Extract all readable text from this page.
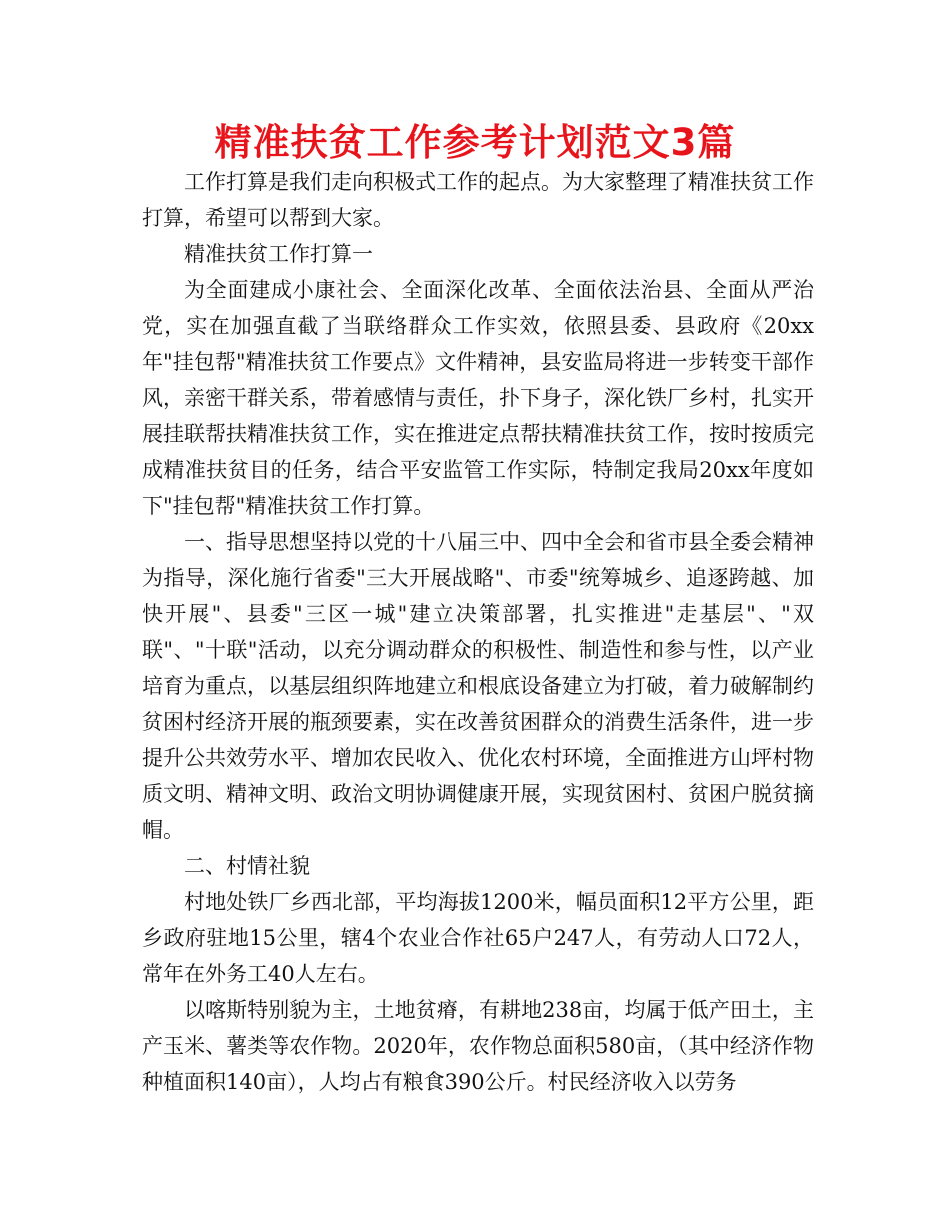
精准扶贫工作参考计划范文3篇

工作打算是我们走向积极式工作的起点。为大家整理了精准扶贫工作打算，希望可以帮到大家。

精准扶贫工作打算一

为全面建成小康社会、全面深化改革、全面依法治县、全面从严治党，实在加强直截了当联络群众工作实效，依照县委、县政府《20xx年"挂包帮"精准扶贫工作要点》文件精神，县安监局将进一步转变干部作风，亲密干群关系，带着感情与责任，扑下身子，深化铁厂乡村，扎实开展挂联帮扶精准扶贫工作，实在推进定点帮扶精准扶贫工作，按时按质完成精准扶贫目的任务，结合平安监管工作实际，特制定我局20xx年度如下"挂包帮"精准扶贫工作打算。

一、指导思想坚持以党的十八届三中、四中全会和省市县全委会精神为指导，深化施行省委"三大开展战略"、市委"统筹城乡、追逐跨越、加快开展"、县委"三区一城"建立决策部署，扎实推进"走基层"、"双联"、"十联"活动，以充分调动群众的积极性、制造性和参与性，以产业培育为重点，以基层组织阵地建立和根底设备建立为打破，着力破解制约贫困村经济开展的瓶颈要素，实在改善贫困群众的消费生活条件，进一步提升公共效劳水平、增加农民收入、优化农村环境，全面推进方山坪村物质文明、精神文明、政治文明协调健康开展，实现贫困村、贫困户脱贫摘帽。

二、村情社貌

村地处铁厂乡西北部，平均海拔1200米，幅员面积12平方公里，距乡政府驻地15公里，辖4个农业合作社65户247人，有劳动人口72人，常年在外务工40人左右。

以喀斯特别貌为主，土地贫瘠，有耕地238亩，均属于低产田土，主产玉米、薯类等农作物。2020年，农作物总面积580亩，（其中经济作物种植面积140亩），人均占有粮食390公斤。村民经济收入以劳务
